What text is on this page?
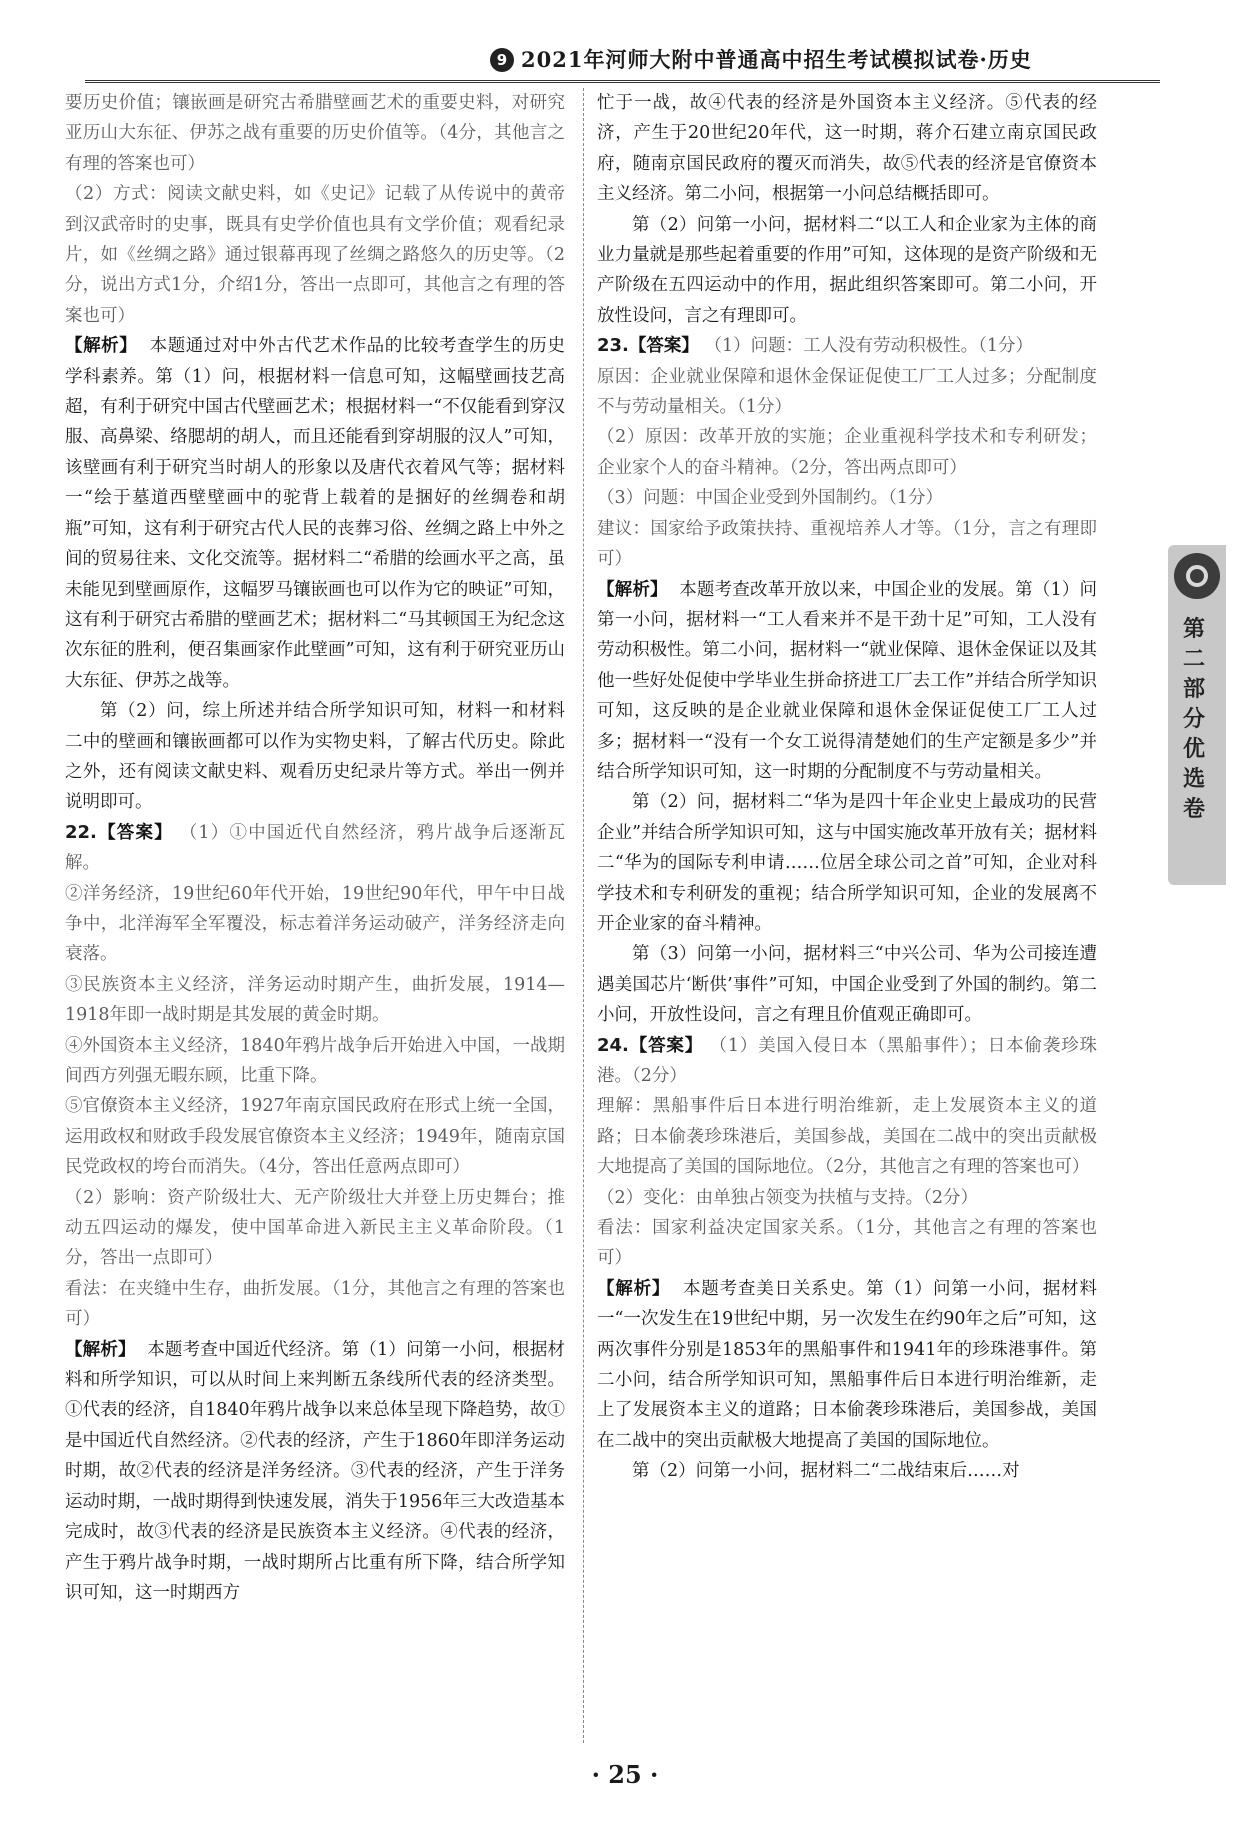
9 2021年河师大附中普通高中招生考试模拟试卷·历史
要历史价值；镶嵌画是研究古希腊壁画艺术的重要史料，对研究亚历山大东征、伊苏之战有重要的历史价值等。（4分，其他言之有理的答案也可）
（2）方式：阅读文献史料，如《史记》记载了从传说中的黄帝到汉武帝时的史事，既具有史学价值也具有文学价值；观看纪录片，如《丝绸之路》通过银幕再现了丝绸之路悠久的历史等。（2分，说出方式1分，介绍1分，答出一点即可，其他言之有理的答案也可）
【解析】 本题通过对中外古代艺术作品的比较考查学生的历史学科素养。第（1）问，根据材料一信息可知，这幅壁画技艺高超，有利于研究中国古代壁画艺术；根据材料一“不仅能看到穿汉服、高鼻梁、络腮胡的胡人，而且还能看到穿胡服的汉人”可知，该壁画有利于研究当时胡人的形象以及唐代衣着风气等；据材料一“绘于墓道西壁壁画中的驼背上载着的是捆好的丝绸卷和胡瓶”可知，这有利于研究古代人民的丧葬习俗、丝绸之路上中外之间的贸易往来、文化交流等。据材料二“希腊的绘画水平之高，虽未能见到壁画原作，这幅罗马镶嵌画也可以作为它的映证”可知，这有利于研究古希腊的壁画艺术；据材料二“马其顿国王为纪念这次东征的胜利，便召集画家作此壁画”可知，这有利于研究亚历山大东征、伊苏之战等。
第（2）问，综上所述并结合所学知识可知，材料一和材料二中的壁画和镶嵌画都可以作为实物史料，了解古代历史。除此之外，还有阅读文献史料、观看历史纪录片等方式。举出一例并说明即可。
22.【答案】 （1）①中国近代自然经济，鸦片战争后逐渐瓦解。
②洋务经济，19世纪60年代开始，19世纪90年代，甲午中日战争中，北洋海军全军覆没，标志着洋务运动破产，洋务经济走向衰落。
③民族资本主义经济，洋务运动时期产生，曲折发展，1914—1918年即一战时期是其发展的黄金时期。
④外国资本主义经济，1840年鸦片战争后开始进入中国，一战期间西方列强无暇东顾，比重下降。
⑤官僚资本主义经济，1927年南京国民政府在形式上统一全国，运用政权和财政手段发展官僚资本主义经济；1949年，随南京国民党政权的垮台而消失。（4分，答出任意两点即可）
（2）影响：资产阶级壮大、无产阶级壮大并登上历史舞台；推动五四运动的爆发，使中国革命进入新民主主义革命阶段。（1分，答出一点即可）
看法：在夹缝中生存，曲折发展。（1分，其他言之有理的答案也可）
【解析】 本题考查中国近代经济。第（1）问第一小问，根据材料和所学知识，可以从时间上来判断五条线所代表的经济类型。①代表的经济，自1840年鸦片战争以来总体呈现下降趋势，故①是中国近代自然经济。②代表的经济，产生于1860年即洋务运动时期，故②代表的经济是洋务经济。③代表的经济，产生于洋务运动时期，一战时期得到快速发展，消失于1956年三大改造基本完成时，故③代表的经济是民族资本主义经济。④代表的经济，产生于鸦片战争时期，一战时期所占比重有所下降，结合所学知识可知，这一时期西方
忙于一战，故④代表的经济是外国资本主义经济。⑤代表的经济，产生于20世纪20年代，这一时期，蒋介石建立南京国民政府，随南京国民政府的覆灭而消失，故⑤代表的经济是官僚资本主义经济。第二小问，根据第一小问总结概括即可。
第（2）问第一小问，据材料二“以工人和企业家为主体的商业力量就是那些起着重要的作用”可知，这体现的是资产阶级和无产阶级在五四运动中的作用，据此组织答案即可。第二小问，开放性设问，言之有理即可。
23.【答案】 （1）问题：工人没有劳动积极性。（1分）
原因：企业就业保障和退休金保证促使工厂工人过多；分配制度不与劳动量相关。（1分）
（2）原因：改革开放的实施；企业重视科学技术和专利研发；企业家个人的奋斗精神。（2分，答出两点即可）
（3）问题：中国企业受到外国制约。（1分）
建议：国家给予政策扶持、重视培养人才等。（1分，言之有理即可）
【解析】 本题考查改革开放以来，中国企业的发展。第（1）问第一小问，据材料一“工人看来并不是干劲十足”可知，工人没有劳动积极性。第二小问，据材料一“就业保障、退休金保证以及其他一些好处促使中学毕业生拼命挤进工厂去工作”并结合所学知识可知，这反映的是企业就业保障和退休金保证促使工厂工人过多；据材料一“没有一个女工说得清楚她们的生产定额是多少”并结合所学知识可知，这一时期的分配制度不与劳动量相关。
第（2）问，据材料二“华为是四十年企业史上最成功的民营企业”并结合所学知识可知，这与中国实施改革开放有关；据材料二“华为的国际专利申请……位居全球公司之首”可知，企业对科学技术和专利研发的重视；结合所学知识可知，企业的发展离不开企业家的奋斗精神。
第（3）问第一小问，据材料三“中兴公司、华为公司接连遭遇美国芯片‘断供’事件”可知，中国企业受到了外国的制约。第二小问，开放性设问，言之有理且价值观正确即可。
24.【答案】 （1）美国入侵日本（黑船事件）；日本偷袭珍珠港。（2分）
理解：黑船事件后日本进行明治维新，走上发展资本主义的道路；日本偷袭珍珠港后，美国参战，美国在二战中的突出贡献极大地提高了美国的国际地位。（2分，其他言之有理的答案也可）
（2）变化：由单独占领变为扶植与支持。（2分）
看法：国家利益决定国家关系。（1分，其他言之有理的答案也可）
【解析】 本题考查美日关系史。第（1）问第一小问，据材料一“一次发生在19世纪中期，另一次发生在约90年之后”可知，这两次事件分别是1853年的黑船事件和1941年的珍珠港事件。第二小问，结合所学知识可知，黑船事件后日本进行明治维新，走上了发展资本主义的道路；日本偷袭珍珠港后，美国参战，美国在二战中的突出贡献极大地提高了美国的国际地位。
第（2）问第一小问，据材料二“二战结束后……对
第二部分 优选卷
· 25 ·
